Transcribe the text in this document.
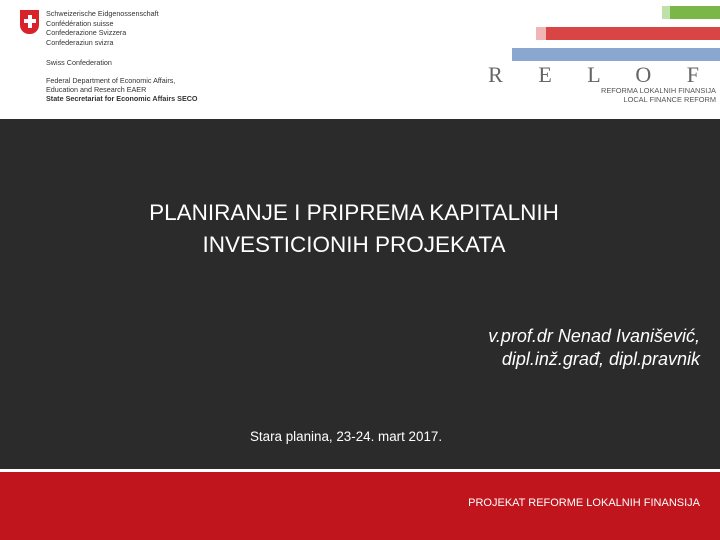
Schweizerische Eidgenossenschaft
Confédération suisse
Confederazione Svizzera
Confederaziun svizra
Swiss Confederation
Federal Department of Economic Affairs,
Education and Research EAER
State Secretariat for Economic Affairs SECO
R E L O F
REFORMA LOKALNIH FINANSIJA
LOCAL FINANCE REFORM
PLANIRANJE I PRIPREMA KAPITALNIH
INVESTICIONIH PROJEKATA
v.prof.dr Nenad Ivanišević,
dipl.inž.građ, dipl.pravnik
Stara planina, 23-24. mart 2017.
PROJEKAT REFORME LOKALNIH FINANSIJA
